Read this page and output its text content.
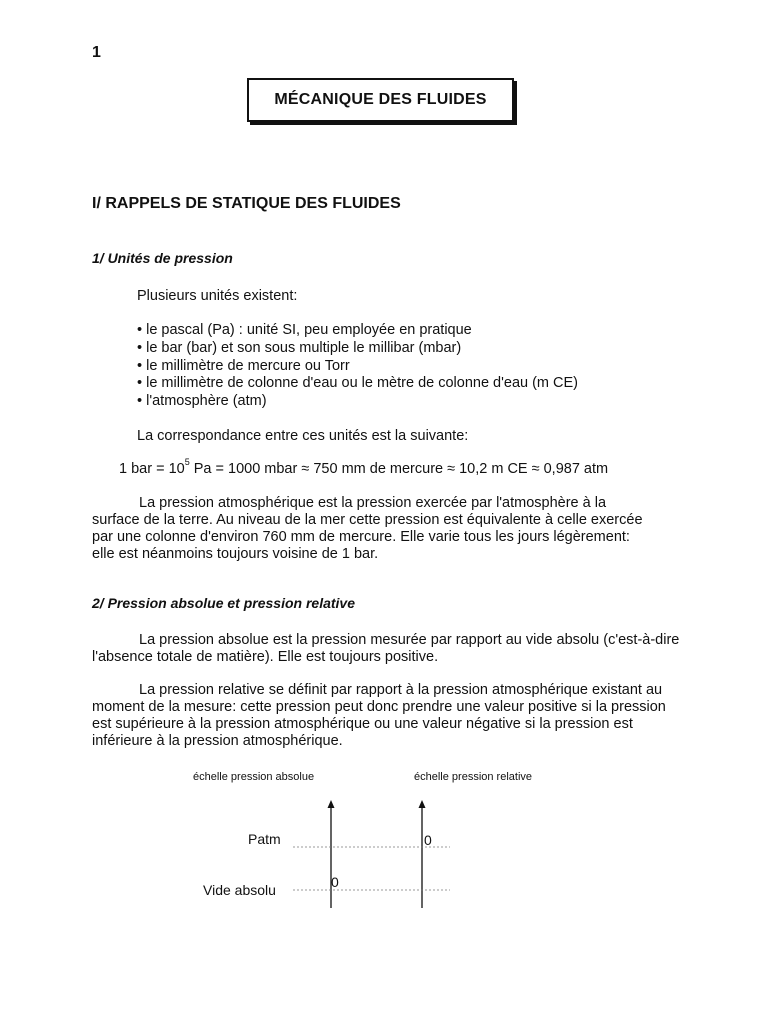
1
MÉCANIQUE DES FLUIDES
I/ RAPPELS DE STATIQUE DES FLUIDES
1/ Unités de pression
Plusieurs unités existent:
• le pascal (Pa) : unité SI, peu employée en pratique
• le bar (bar) et son sous multiple le millibar (mbar)
• le millimètre de mercure ou Torr
• le millimètre de colonne d'eau ou le mètre de colonne d'eau (m CE)
• l'atmosphère (atm)
La correspondance entre ces unités est la suivante:
1 bar = $10^5$ Pa = 1000 mbar ≈ 750 mm de mercure ≈ 10,2 m CE ≈ 0,987 atm
La pression atmosphérique est la pression exercée par l'atmosphère à la surface de la terre. Au niveau de la mer cette pression est équivalente à celle exercée par une colonne d'environ 760 mm de mercure. Elle varie tous les jours légèrement: elle est néanmoins toujours voisine de 1 bar.
2/ Pression absolue et pression relative
La pression absolue est la pression mesurée par rapport au vide absolu (c'est-à-dire l'absence totale de matière). Elle est toujours positive.
La pression relative se définit par rapport à la pression atmosphérique existant au moment de la mesure: cette pression peut donc prendre une valeur positive si la pression est supérieure à la pression atmosphérique ou une valeur négative si la pression est inférieure à la pression atmosphérique.
échelle pression absolue	échelle pression relative
Patm
Vide absolu	0
0
